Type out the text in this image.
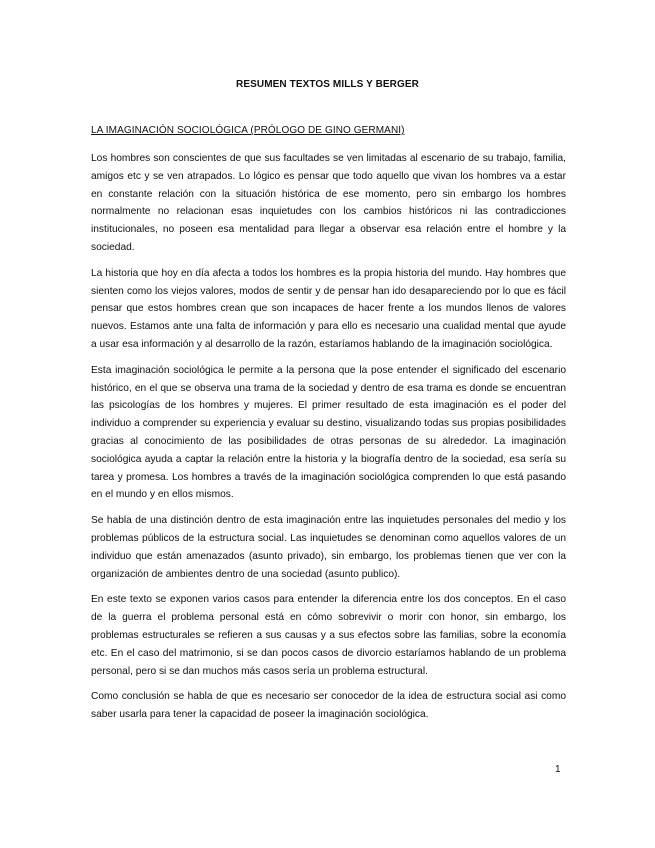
RESUMEN TEXTOS MILLS Y BERGER
LA IMAGINACIÓN SOCIOLÓGICA (PRÓLOGO DE GINO GERMANI)

Los hombres son conscientes de que sus facultades se ven limitadas al escenario de su trabajo, familia, amigos etc y se ven atrapados. Lo lógico es pensar que todo aquello que vivan los hombres va a estar en constante relación con la situación histórica de ese momento, pero sin embargo los hombres normalmente no relacionan esas inquietudes con los cambios históricos ni las contradicciones institucionales, no poseen esa mentalidad para llegar a observar esa relación entre el hombre y la sociedad.

La historia que hoy en día afecta a todos los hombres es la propia historia del mundo. Hay hombres que sienten como los viejos valores, modos de sentir y de pensar han ido desapareciendo por lo que es fácil pensar que estos hombres crean que son incapaces de hacer frente a los mundos llenos de valores nuevos. Estamos ante una falta de información y para ello es necesario una cualidad mental que ayude a usar esa información y al desarrollo de la razón, estaríamos hablando de la imaginación sociológica.

Esta imaginación sociológica le permite a la persona que la pose entender el significado del escenario histórico, en el que se observa una trama de la sociedad y dentro de esa trama es donde se encuentran las psicologías de los hombres y mujeres. El primer resultado de esta imaginación es el poder del individuo a comprender su experiencia y evaluar su destino, visualizando todas sus propias posibilidades gracias al conocimiento de las posibilidades de otras personas de su alrededor. La imaginación sociológica ayuda a captar la relación entre la historia y la biografía dentro de la sociedad, esa sería su tarea y promesa. Los hombres a través de la imaginación sociológica comprenden lo que está pasando en el mundo y en ellos mismos.

Se habla de una distinción dentro de esta imaginación entre las inquietudes personales del medio y los problemas públicos de la estructura social. Las inquietudes se denominan como aquellos valores de un individuo que están amenazados (asunto privado), sin embargo, los problemas tienen que ver con la organización de ambientes dentro de una sociedad (asunto publico).

En este texto se exponen varios casos para entender la diferencia entre los dos conceptos. En el caso de la guerra el problema personal está en cómo sobrevivir o morir con honor, sin embargo, los problemas estructurales se refieren a sus causas y a sus efectos sobre las familias, sobre la economía etc. En el caso del matrimonio, si se dan pocos casos de divorcio estaríamos hablando de un problema personal, pero si se dan muchos más casos sería un problema estructural.

Como conclusión se habla de que es necesario ser conocedor de la idea de estructura social asi como saber usarla para tener la capacidad de poseer la imaginación sociológica.

1
